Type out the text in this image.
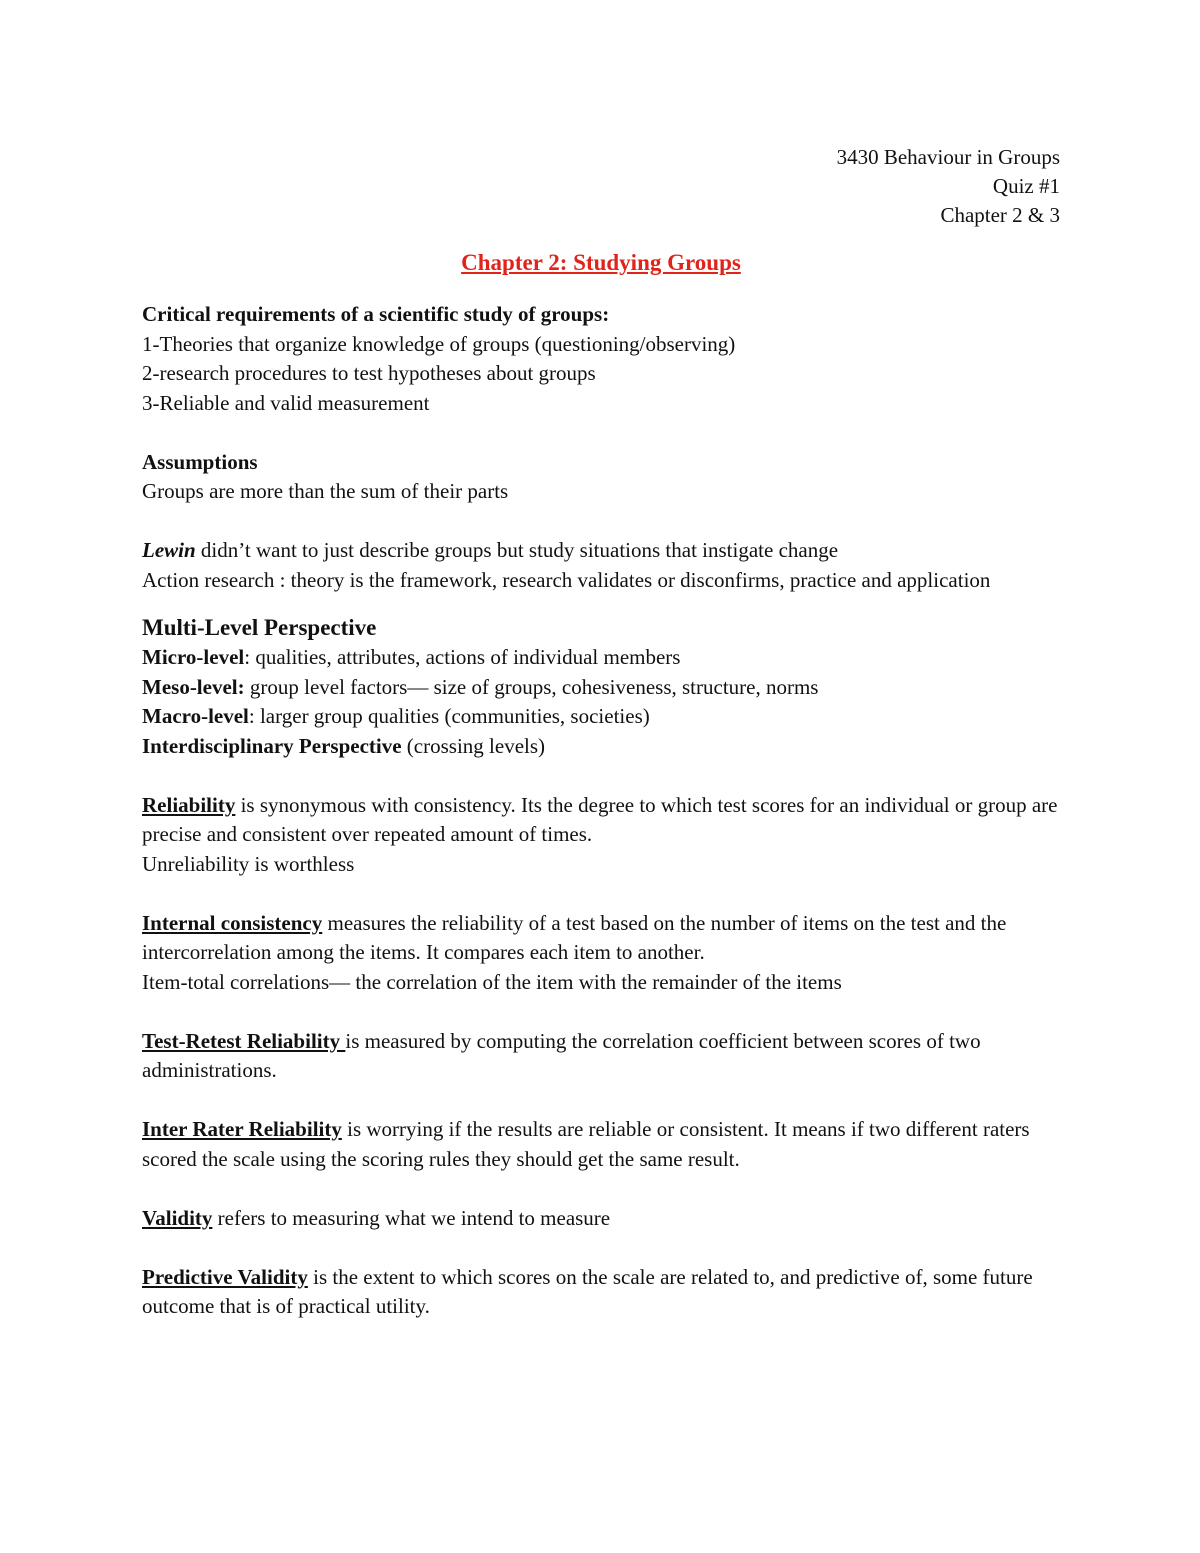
3430 Behaviour in Groups
Quiz #1
Chapter 2 & 3
Chapter 2: Studying Groups
Critical requirements of a scientific study of groups:
1-Theories that organize knowledge of groups (questioning/observing)
2-research procedures to test hypotheses about groups
3-Reliable and valid measurement
Assumptions
Groups are more than the sum of their parts
Lewin didn’t want to just describe groups but study situations that instigate change
Action research : theory is the framework, research validates or disconfirms, practice and application
Multi-Level Perspective
Micro-level: qualities, attributes, actions of individual members
Meso-level: group level factors— size of groups, cohesiveness, structure, norms
Macro-level: larger group qualities (communities, societies)
Interdisciplinary Perspective (crossing levels)
Reliability is synonymous with consistency. Its the degree to which test scores for an individual or group are precise and consistent over repeated amount of times.
Unreliability is worthless
Internal consistency measures the reliability of a test based on the number of items on the test and the intercorrelation among the items. It compares each item to another.
Item-total correlations— the correlation of the item with the remainder of the items
Test-Retest Reliability is measured by computing the correlation coefficient between scores of two administrations.
Inter Rater Reliability is worrying if the results are reliable or consistent. It means if two different raters scored the scale using the scoring rules they should get the same result.
Validity refers to measuring what we intend to measure
Predictive Validity is the extent to which scores on the scale are related to, and predictive of, some future outcome that is of practical utility.
